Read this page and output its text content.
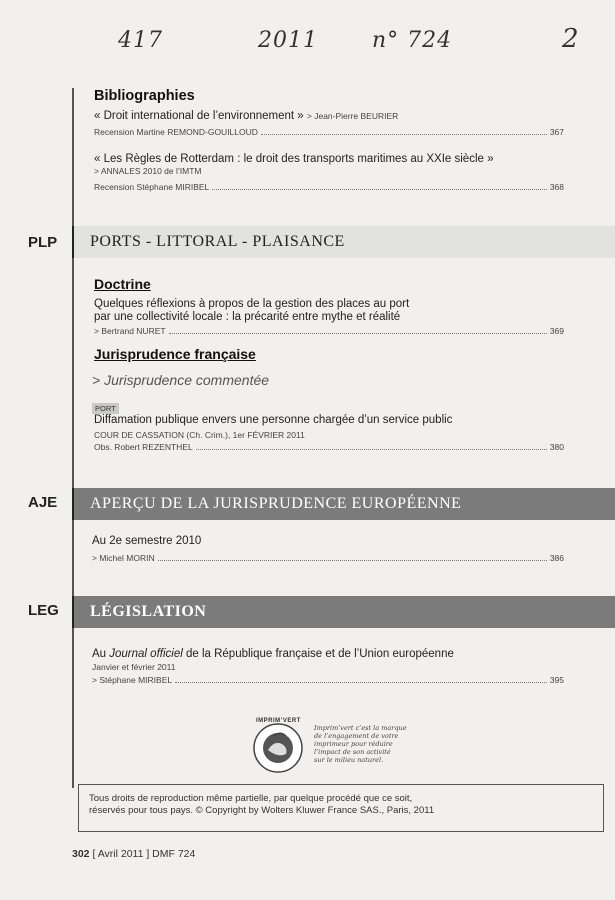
417	2011 n° 724	2
Bibliographies
« Droit international de l’environnement » > Jean-Pierre BEURIER
Recension Martine REMOND-GOUILLOUD	367
« Les Règles de Rotterdam : le droit des transports maritimes au XXIe siècle »
> ANNALES 2010 de l’IMTM
Recension Stéphane MIRIBEL	368
PLP PORTS - LITTORAL - PLAISANCE
Doctrine
Quelques réflexions à propos de la gestion des places au port
par une collectivité locale : la précarité entre mythe et réalité
> Bertrand NURET	369
Jurisprudence française
> Jurisprudence commentée
PORT
Diffamation publique envers une personne chargée d’un service public
COUR DE CASSATION (Ch. Crim.), 1er FÉVRIER 2011
Obs. Robert REZENTHEL	380
AJE APERÇU DE LA JURISPRUDENCE EUROPÉENNE
Au 2e semestre 2010
> Michel MORIN	386
LEG LÉGISLATION
Au Journal officiel de la République française et de l’Union européenne
Janvier et février 2011
> Stéphane MIRIBEL	395
IMPRIM’VERT
Imprim’vert c’est la marque
de l’engagement de votre
imprimeur pour réduire
l’impact de son activité
sur le milieu naturel.
Tous droits de reproduction même partielle, par quelque procédé que ce soit,
réservés pour tous pays. © Copyright by Wolters Kluwer France SAS., Paris, 2011
302 [ Avril 2011 ] DMF 724
